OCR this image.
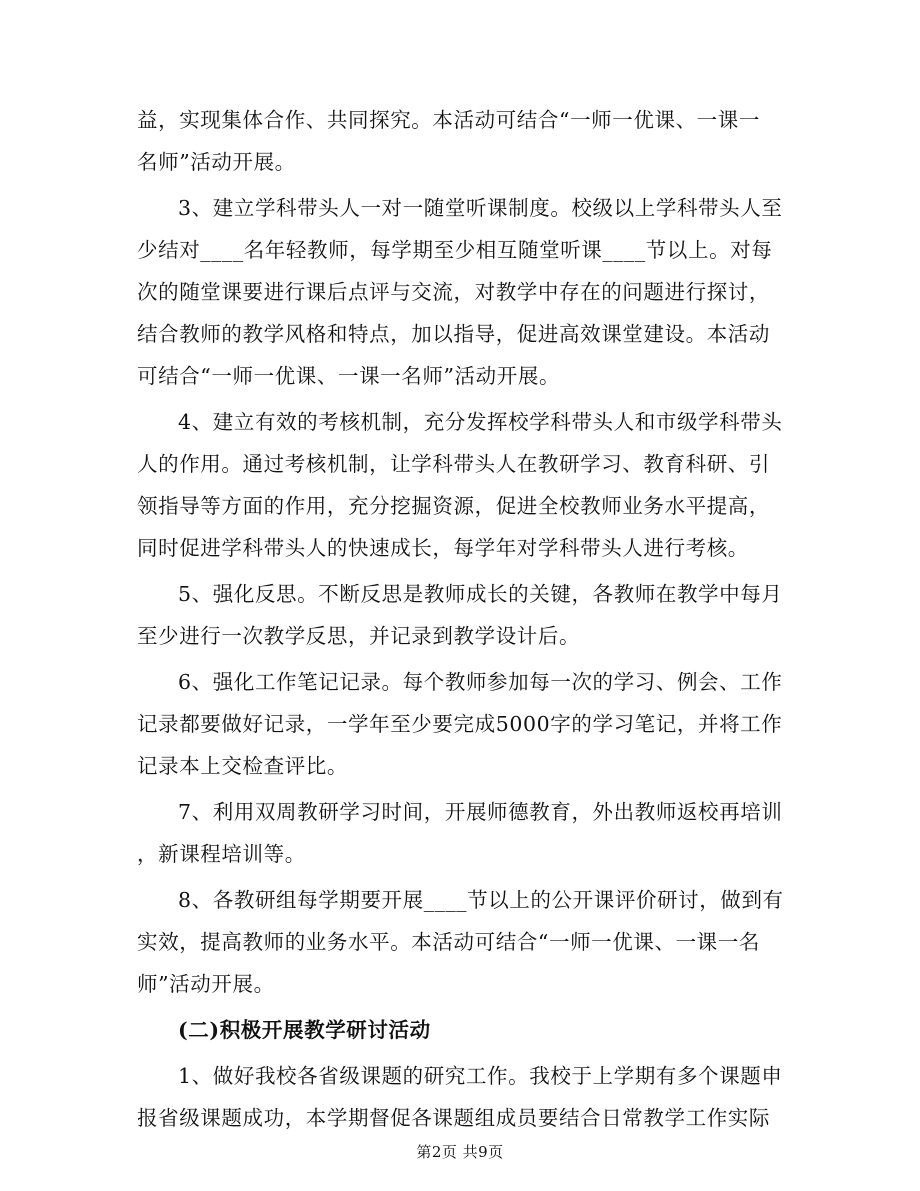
益，实现集体合作、共同探究。本活动可结合“一师一优课、一课一
名师”活动开展。
3、建立学科带头人一对一随堂听课制度。校级以上学科带头人至
少结对____名年轻教师，每学期至少相互随堂听课____节以上。对每
次的随堂课要进行课后点评与交流，对教学中存在的问题进行探讨，
结合教师的教学风格和特点，加以指导，促进高效课堂建设。本活动
可结合“一师一优课、一课一名师”活动开展。
4、建立有效的考核机制，充分发挥校学科带头人和市级学科带头
人的作用。通过考核机制，让学科带头人在教研学习、教育科研、引
领指导等方面的作用，充分挖掘资源，促进全校教师业务水平提高，
同时促进学科带头人的快速成长，每学年对学科带头人进行考核。
5、强化反思。不断反思是教师成长的关键，各教师在教学中每月
至少进行一次教学反思，并记录到教学设计后。
6、强化工作笔记记录。每个教师参加每一次的学习、例会、工作
记录都要做好记录，一学年至少要完成5000字的学习笔记，并将工作
记录本上交检查评比。
7、利用双周教研学习时间，开展师德教育，外出教师返校再培训
，新课程培训等。
8、各教研组每学期要开展____节以上的公开课评价研讨，做到有
实效，提高教师的业务水平。本活动可结合“一师一优课、一课一名
师”活动开展。
(二)积极开展教学研讨活动
1、做好我校各省级课题的研究工作。我校于上学期有多个课题申
报省级课题成功，本学期督促各课题组成员要结合日常教学工作实际
第2页 共9页
